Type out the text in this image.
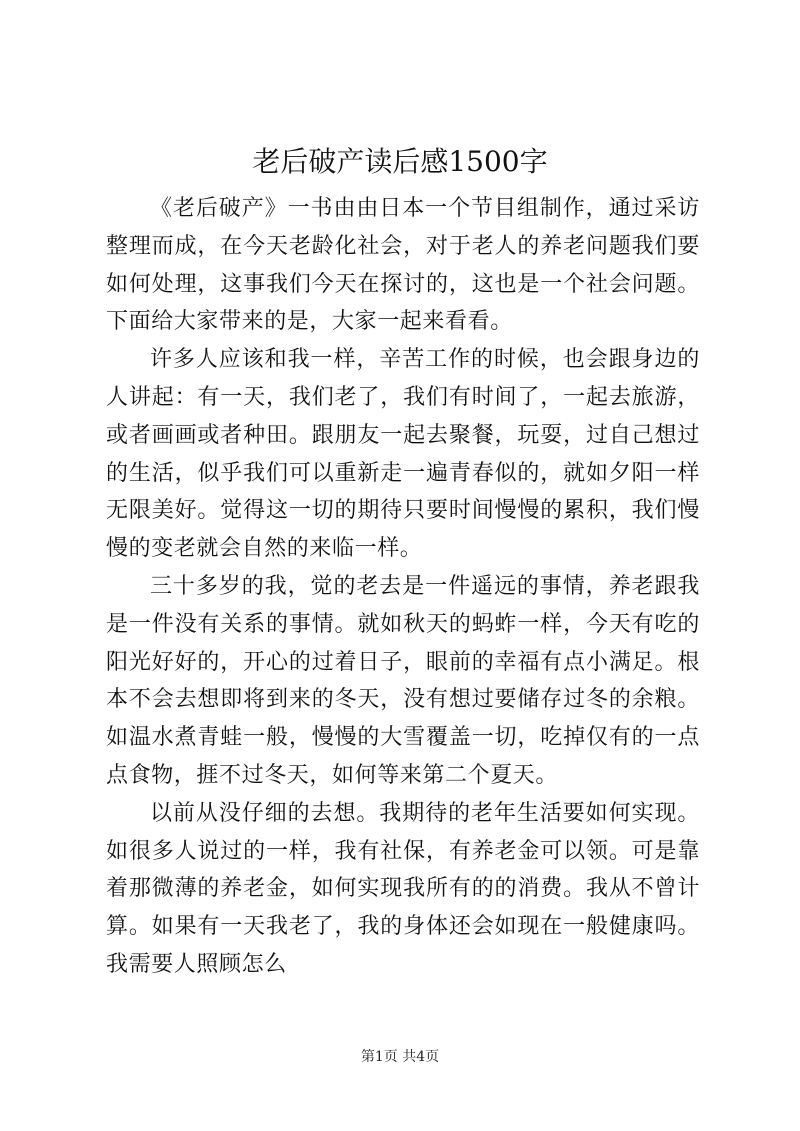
老后破产读后感1500字

《老后破产》一书由由日本一个节目组制作，通过采访整理而成，在今天老龄化社会，对于老人的养老问题我们要如何处理，这事我们今天在探讨的，这也是一个社会问题。下面给大家带来的是，大家一起来看看。

许多人应该和我一样，辛苦工作的时候，也会跟身边的人讲起：有一天，我们老了，我们有时间了，一起去旅游，或者画画或者种田。跟朋友一起去聚餐，玩耍，过自己想过的生活，似乎我们可以重新走一遍青春似的，就如夕阳一样无限美好。觉得这一切的期待只要时间慢慢的累积，我们慢慢的变老就会自然的来临一样。

三十多岁的我，觉的老去是一件遥远的事情，养老跟我是一件没有关系的事情。就如秋天的蚂蚱一样，今天有吃的阳光好好的，开心的过着日子，眼前的幸福有点小满足。根本不会去想即将到来的冬天，没有想过要储存过冬的余粮。如温水煮青蛙一般，慢慢的大雪覆盖一切，吃掉仅有的一点点食物，捱不过冬天，如何等来第二个夏天。

以前从没仔细的去想。我期待的老年生活要如何实现。如很多人说过的一样，我有社保，有养老金可以领。可是靠着那微薄的养老金，如何实现我所有的的消费。我从不曾计算。如果有一天我老了，我的身体还会如现在一般健康吗。我需要人照顾怎么

第1页 共4页
